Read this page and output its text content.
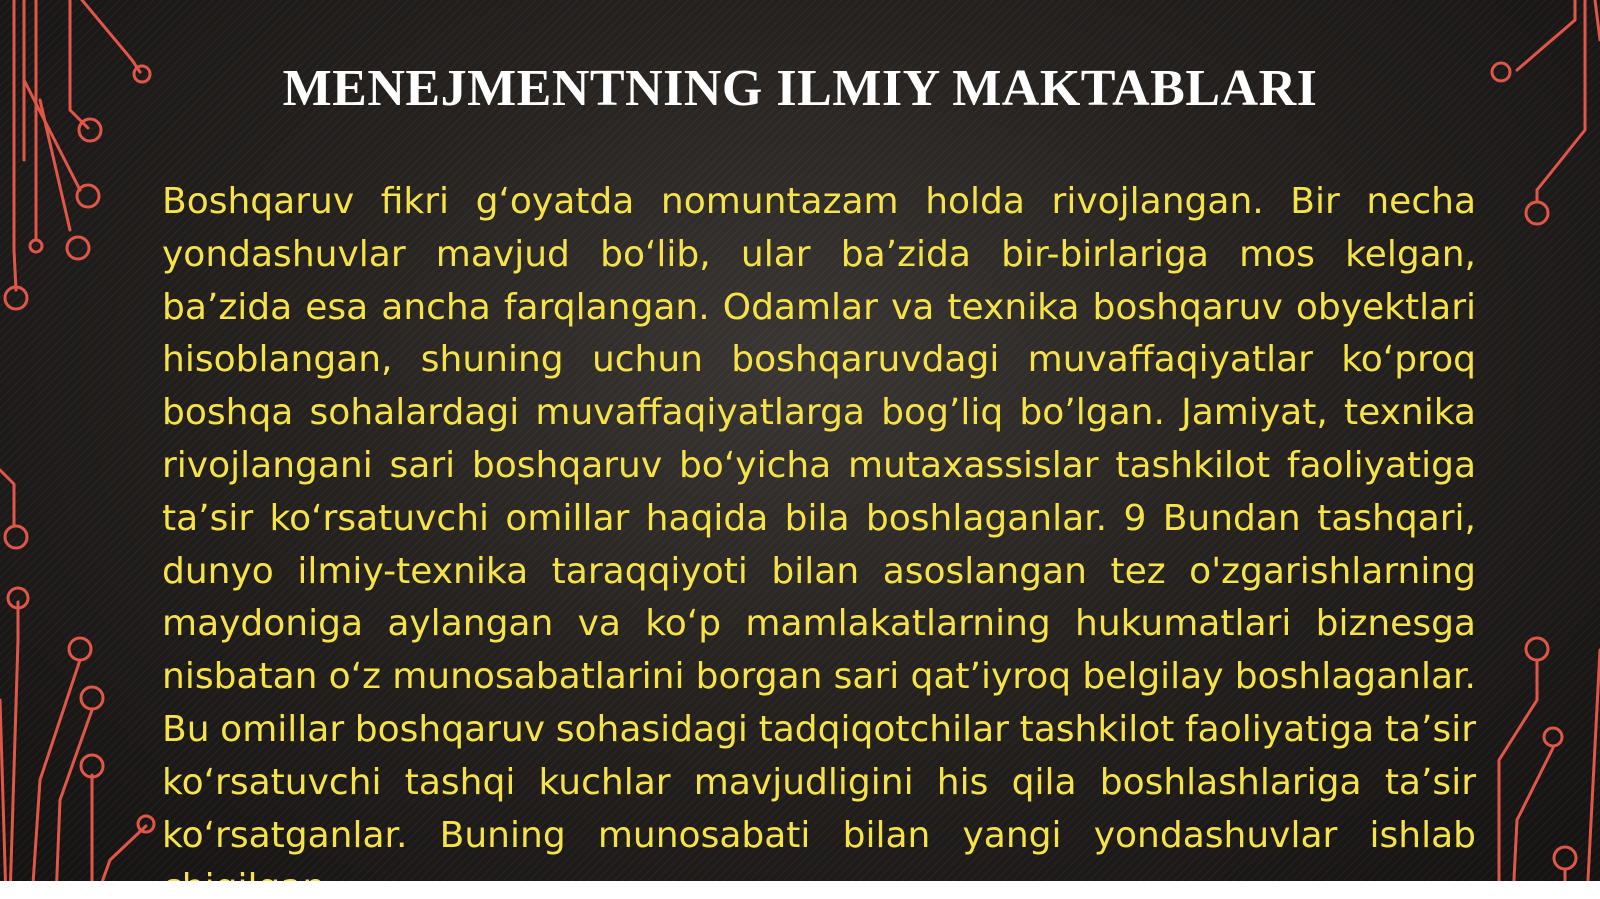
MENEJMENTNING ILMIY MAKTABLARI

Boshqaruv fikri g‘oyatda nomuntazam holda rivojlangan. Bir necha yondashuvlar mavjud bo‘lib, ular ba’zida bir-birlariga mos kelgan, ba’zida esa ancha farqlangan. Odamlar va texnika boshqaruv obyektlari hisoblangan, shuning uchun boshqaruvdagi muvaffaqiyatlar ko‘proq boshqa sohalardagi muvaffaqiyatlarga bog’liq bo’lgan. Jamiyat, texnika rivojlangani sari boshqaruv bo‘yicha mutaxassislar tashkilot faoliyatiga ta’sir ko‘rsatuvchi omillar haqida bila boshlaganlar. 9 Bundan tashqari, dunyo ilmiy-texnika taraqqiyoti bilan asoslangan tez o'zgarishlarning maydoniga aylangan va ko‘p mamlakatlarning hukumatlari biznesga nisbatan o‘z munosabatlarini borgan sari qat’iyroq belgilay boshlaganlar. Bu omillar boshqaruv sohasidagi tadqiqotchilar tashkilot faoliyatiga ta’sir ko‘rsatuvchi tashqi kuchlar mavjudligini his qila boshlashlariga ta’sir ko‘rsatganlar. Buning munosabati bilan yangi yondashuvlar ishlab
